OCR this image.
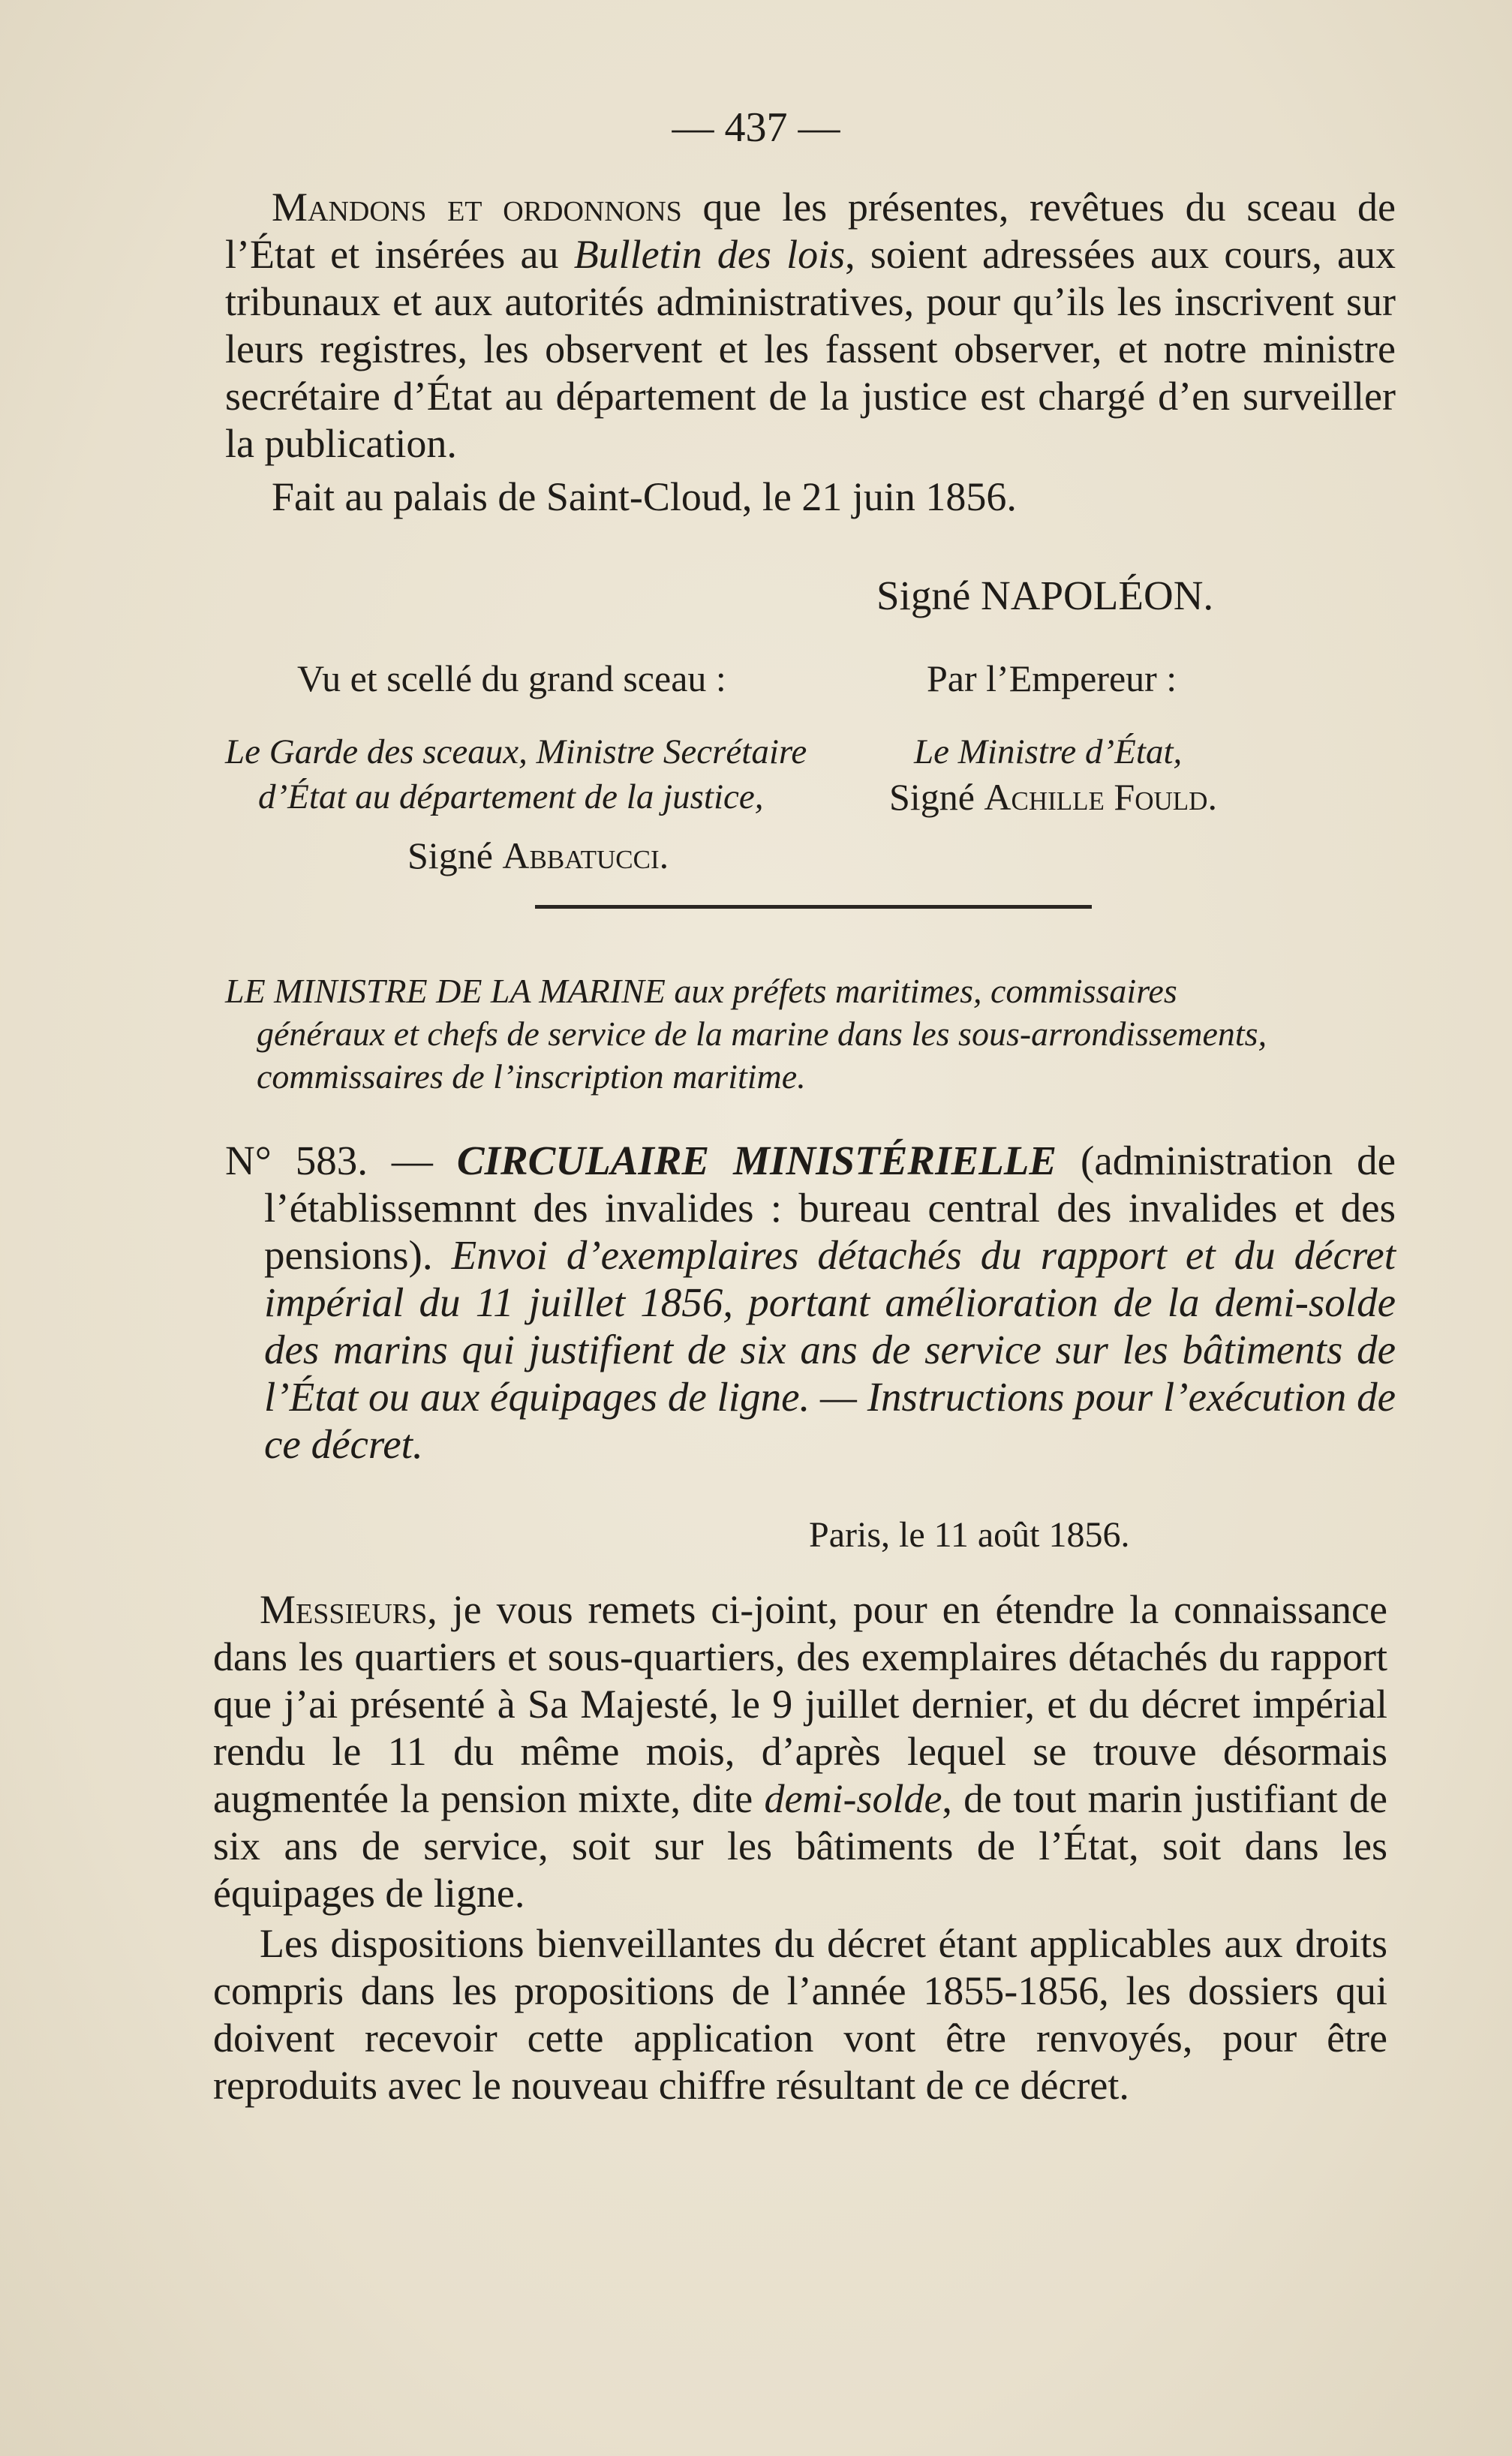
— 437 —

Mandons et ordonnons que les présentes, revêtues du sceau de l’État et insérées au Bulletin des lois, soient adressées aux cours, aux tribunaux et aux autorités administratives, pour qu’ils les inscrivent sur leurs registres, les observent et les fassent observer, et notre ministre secrétaire d’État au département de la justice est chargé d’en surveiller la publication.

Fait au palais de Saint-Cloud, le 21 juin 1856.

Signé NAPOLÉON.
Vu et scellé du grand sceau :
Le Garde des sceaux, Ministre Secrétaire
d’État au département de la justice,
Signé Abbatucci.
Par l’Empereur :
Le Ministre d’État,
Signé Achille Fould.
LE MINISTRE DE LA MARINE aux préfets maritimes, commissaires
généraux et chefs de service de la marine dans les sous-arrondissements,
commissaires de l’inscription maritime.
N° 583. — CIRCULAIRE MINISTÉRIELLE (administration de l’établissemnnt des invalides : bureau central des invalides et des pensions). Envoi d’exemplaires détachés du rapport et du décret impérial du 11 juillet 1856, portant amélioration de la demi-solde des marins qui justifient de six ans de service sur les bâtiments de l’État ou aux équipages de ligne. — Instructions pour l’exécution de ce décret.
Paris, le 11 août 1856.

Messieurs, je vous remets ci-joint, pour en étendre la connaissance dans les quartiers et sous-quartiers, des exemplaires détachés du rapport que j’ai présenté à Sa Majesté, le 9 juillet dernier, et du décret impérial rendu le 11 du même mois, d’après lequel se trouve désormais augmentée la pension mixte, dite demi-solde, de tout marin justifiant de six ans de service, soit sur les bâtiments de l’État, soit dans les équipages de ligne.

Les dispositions bienveillantes du décret étant applicables aux droits compris dans les propositions de l’année 1855-1856, les dossiers qui doivent recevoir cette application vont être renvoyés, pour être reproduits avec le nouveau chiffre résultant de ce décret.
